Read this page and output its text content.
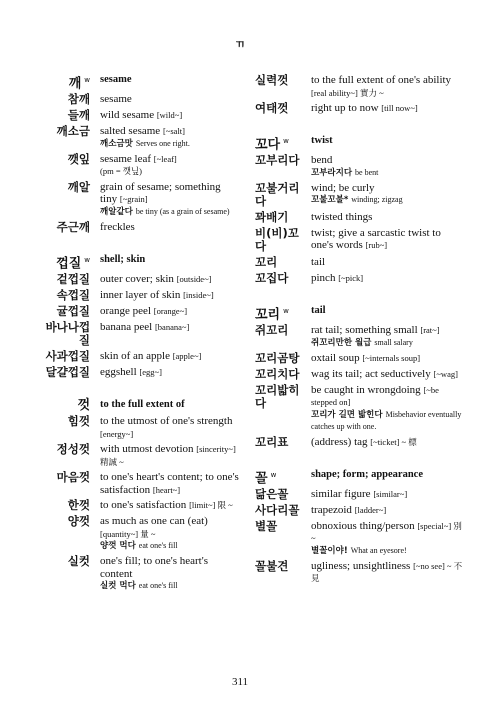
ㄲ
깨 $^w$ sesame
참깨 sesame
들깨 wild sesame [wild~]
깨소금 salted sesame [~salt]
깨소금맛 Serves one right.
깻잎 sesame leaf [~leaf]
(pm = 깻닢)
깨알 grain of sesame; something tiny [~grain]
깨알같다 be tiny (as a grain of sesame)
주근깨 freckles
껍질 $^w$ shell; skin
겉껍질 outer cover; skin [outside~]
속껍질 inner layer of skin [inside~]
귤껍질 orange peel [orange~]
바나나껍질
banana peel [banana~]
사과껍질 skin of an apple [apple~]
달걀껍질 eggshell [egg~]
껏 to the full extent of
힘껏 to the utmost of one's strength [energy~]
정성껏 with utmost devotion [sincerity~] 精誠 ~
마음껏 to one's heart's content; to one's satisfaction [heart~]
한껏 to one's satisfaction [limit~] 限 ~
양껏 as much as one can (eat) [quantity~] 量 ~
양껏 먹다 eat one's fill
실컷 one's fill; to one's heart's content
실컷 먹다 eat one's fill
실력껏	to the full extent of one's ability [real ability~] 實力 ~
여태껏	right up to now [till now~]
꼬다 $^w$	twist
꼬부리다	bend
꼬부라지다 be bent
꼬불거리다
wind; be curly
꼬불꼬불* winding; zigzag
꽈배기	twisted things
비(비)꼬다
twist; give a sarcastic twist to one's words [rub~]
꼬리	tail
꼬집다	pinch [~pick]
꼬리 $^w$	tail
쥐꼬리	rat tail; something small [rat~]
쥐꼬리만한 월급 small salary
꼬리곰탕	oxtail soup [~internals soup]
꼬리치다	wag its tail; act seductively [~wag]
꼬리밟히다
be caught in wrongdoing [~be stepped on]
꼬리가 길면 밟힌다 Misbehavior eventually catches up with one.
꼬리표	(address) tag [~ticket] ~ 標
꼴 $^w$	shape; form; appearance
닮은꼴	similar figure [similar~]
사다리꼴	trapezoid [ladder~]
별꼴	obnoxious thing/person [special~] 別 ~
별꼴이야! What an eyesore!
꼴불견	ugliness; unsightliness [~no see] ~ 不見
311
